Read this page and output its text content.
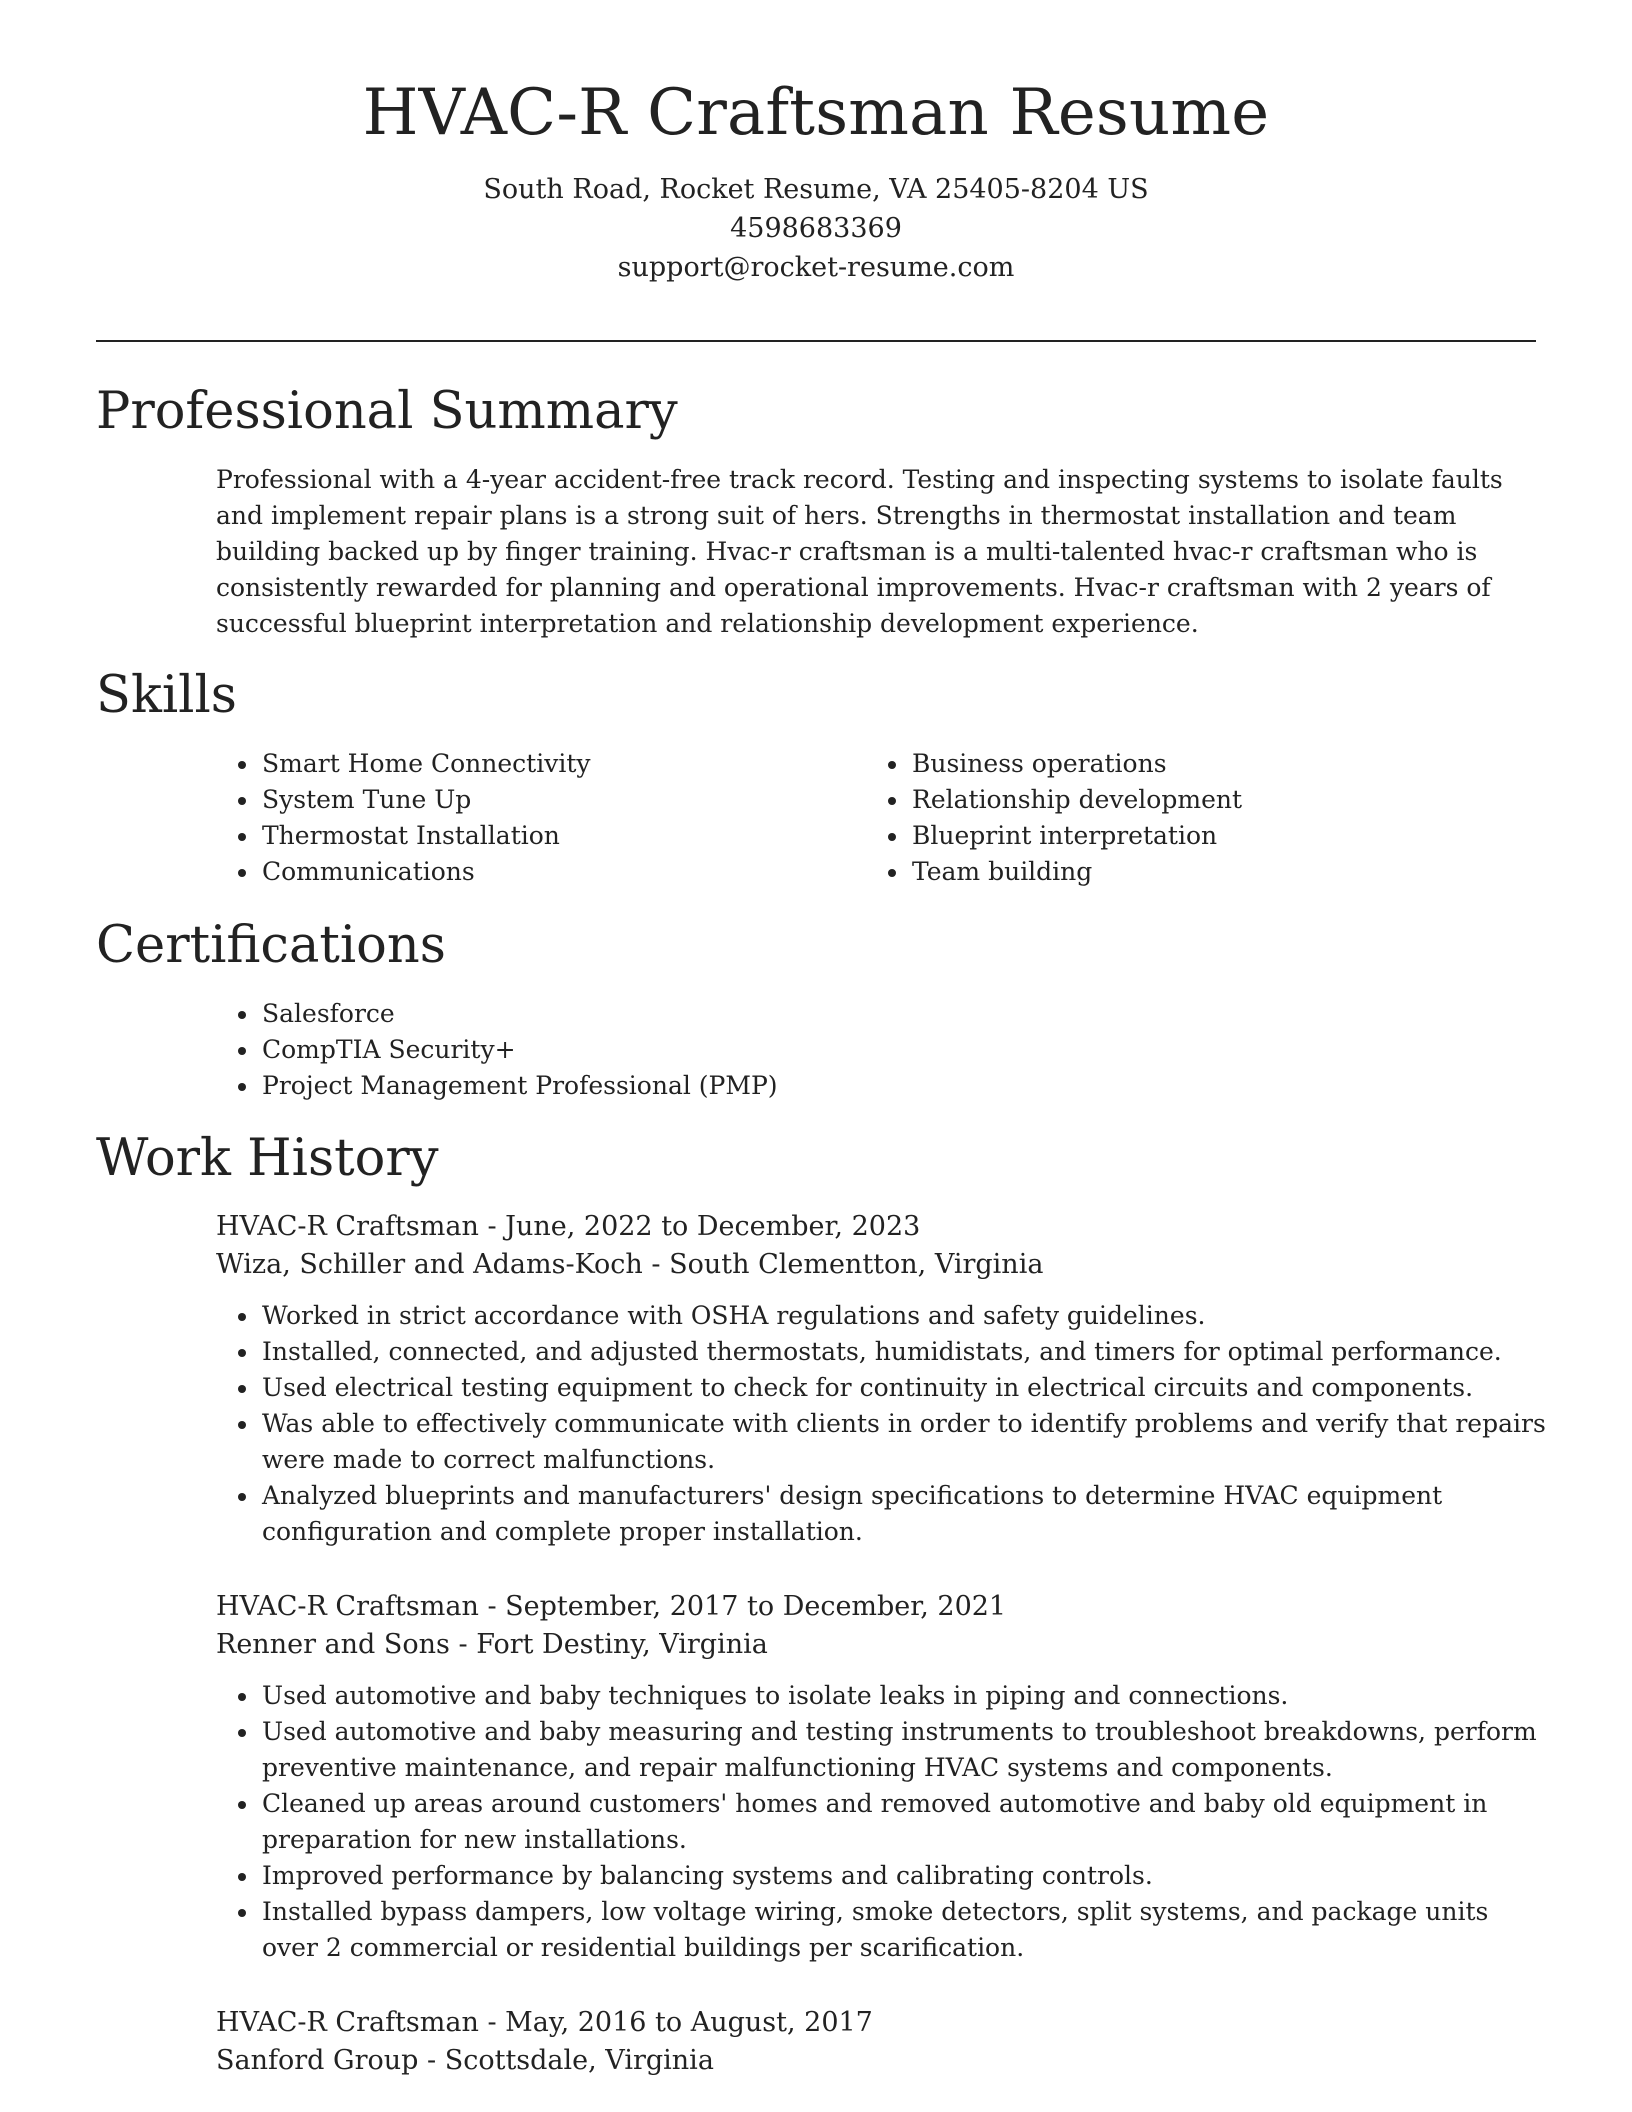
HVAC-R Craftsman Resume
South Road, Rocket Resume, VA 25405-8204 US
4598683369
support@rocket-resume.com
Professional Summary

Professional with a 4-year accident-free track record. Testing and inspecting systems to isolate faults and implement repair plans is a strong suit of hers. Strengths in thermostat installation and team building backed up by finger training. Hvac-r craftsman is a multi-talented hvac-r craftsman who is consistently rewarded for planning and operational improvements. Hvac-r craftsman with 2 years of successful blueprint interpretation and relationship development experience.

Skills
• Smart Home Connectivity
• System Tune Up
• Thermostat Installation
• Communications
• Business operations
• Relationship development
• Blueprint interpretation
• Team building
Certifications
• Salesforce
• CompTIA Security+
• Project Management Professional (PMP)
Work History
HVAC-R Craftsman - June, 2022 to December, 2023
Wiza, Schiller and Adams-Koch - South Clementton, Virginia
• Worked in strict accordance with OSHA regulations and safety guidelines.
• Installed, connected, and adjusted thermostats, humidistats, and timers for optimal performance.
• Used electrical testing equipment to check for continuity in electrical circuits and components.
• Was able to effectively communicate with clients in order to identify problems and verify that repairs were made to correct malfunctions.
• Analyzed blueprints and manufacturers' design specifications to determine HVAC equipment configuration and complete proper installation.
HVAC-R Craftsman - September, 2017 to December, 2021
Renner and Sons - Fort Destiny, Virginia
• Used automotive and baby techniques to isolate leaks in piping and connections.
• Used automotive and baby measuring and testing instruments to troubleshoot breakdowns, perform preventive maintenance, and repair malfunctioning HVAC systems and components.
• Cleaned up areas around customers' homes and removed automotive and baby old equipment in preparation for new installations.
• Improved performance by balancing systems and calibrating controls.
• Installed bypass dampers, low voltage wiring, smoke detectors, split systems, and package units over 2 commercial or residential buildings per scarification.
HVAC-R Craftsman - May, 2016 to August, 2017
Sanford Group - Scottsdale, Virginia
